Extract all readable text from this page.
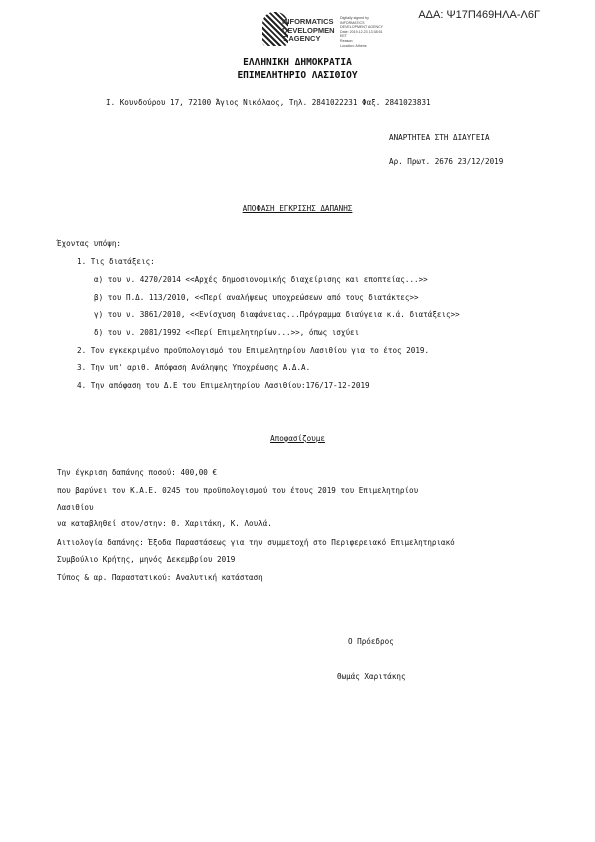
ΑΔΑ: Ψ17Π469ΗΛΑ-Λ6Γ
INFORMATICS
DEVELOPMEN
T AGENCY
Digitally signed by
INFORMATICS
DEVELOPMENT AGENCY
Date: 2019.12.23 13:38:51
EET
Reason:
Location: Athens
ΕΛΛΗΝΙΚΗ ΔΗΜΟΚΡΑΤΙΑ
ΕΠΙΜΕΛΗΤΗΡΙΟ ΛΑΣΙΘΙΟΥ
Ι. Κουνδούρου 17, 72100 Άγιος Νικόλαος, Τηλ. 2841022231 Φαξ. 2841023831
ΑΝΑΡΤΗΤΕΑ ΣΤΗ ΔΙΑΥΓΕΙΑ
Αρ. Πρωτ. 2676 23/12/2019
ΑΠΟΦΑΣΗ ΕΓΚΡΙΣΗΣ ΔΑΠΑΝΗΣ
Έχοντας υπόψη:
1. Τις διατάξεις:
α) του ν. 4270/2014 <<Αρχές δημοσιονομικής διαχείρισης και εποπτείας...>>
β) του Π.Δ. 113/2010, <<Περί αναλήψεως υποχρεώσεων από τους διατάκτες>>
γ) του ν. 3861/2010, <<Ενίσχυση διαφάνειας...Πρόγραμμα διαύγεια κ.ά. διατάξεις>>
δ) του ν. 2081/1992 <<Περί Επιμελητηρίων...>>, όπως ισχύει
2. Τον εγκεκριμένο προϋπολογισμό του Επιμελητηρίου Λασιθίου για το έτος 2019.
3. Την υπ' αριθ. Απόφαση Ανάληψης Υποχρέωσης Α.Δ.Α.
4. Την απόφαση του Δ.Ε του Επιμελητηρίου Λασιθίου:176/17-12-2019
Αποφασίζουμε
Την έγκριση δαπάνης ποσού: 400,00 €
που βαρύνει τον Κ.Α.Ε. 0245 του προϋπολογισμού του έτους 2019 του Επιμελητηρίου
Λασιθίου
να καταβληθεί στον/στην: Θ. Χαριτάκη, Κ. Λουλά.
Αιτιολογία δαπάνης: Έξοδα Παραστάσεως για την συμμετοχή στο Περιφερειακό Επιμελητηριακό
Συμβούλιο Κρήτης, μηνός Δεκεμβρίου 2019
Τύπος & αρ. Παραστατικού: Αναλυτική κατάσταση
Ο Πρόεδρος
Θωμάς Χαριτάκης
